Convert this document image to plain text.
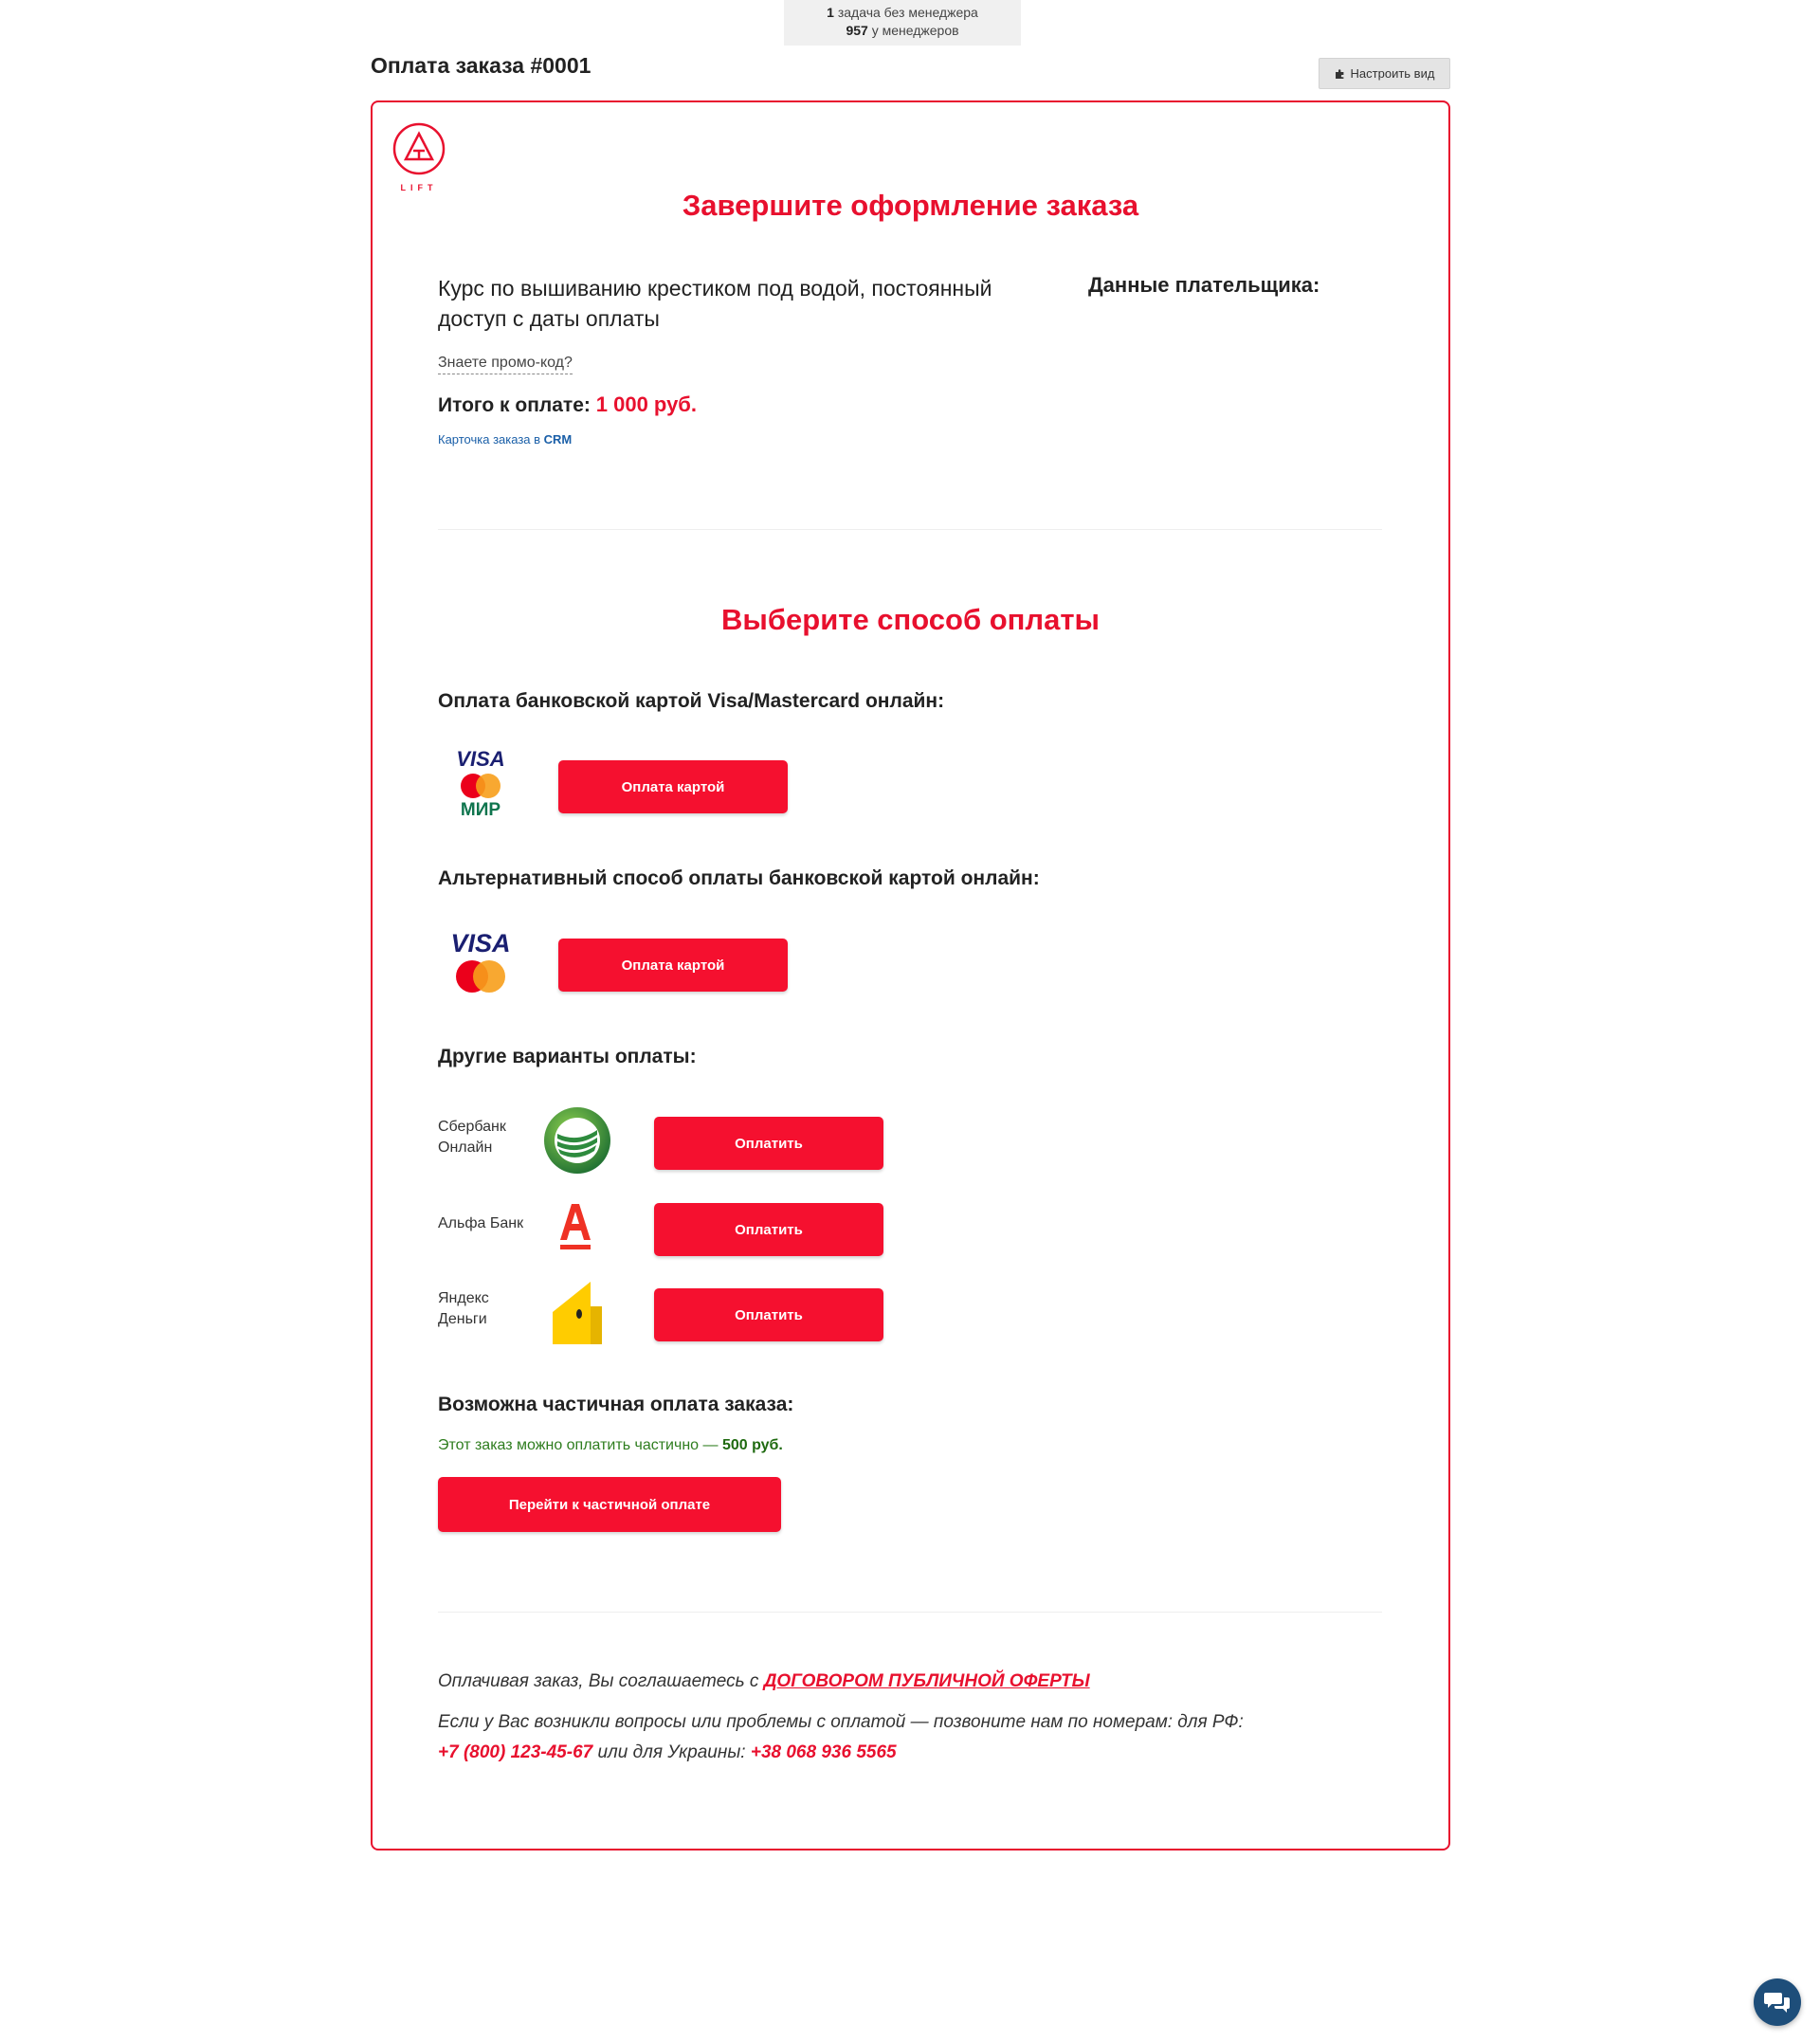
1 задача без менеджера
957 у менеджеров
Оплата заказа #0001	Настроить вид
LIFT
Завершите оформление заказа
Курс по вышиванию крестиком под водой, постоянный доступ с даты оплаты
Данные плательщика:
Знаете промо-код?
Итого к оплате: 1 000 руб.
Карточка заказа в CRM
Выберите способ оплаты
Оплата банковской картой Visa/Mastercard онлайн:
VISA
МИР
Оплата картой
Альтернативный способ оплаты банковской картой онлайн:
VISA
Оплата картой
Другие варианты оплаты:
Сбербанк
Онлайн	Оплатить
Альфа Банк	Оплатить
Яндекс
Деньги	Оплатить
Возможна частичная оплата заказа:
Этот заказ можно оплатить частично — 500 руб.
Перейти к частичной оплате
Оплачивая заказ, Вы соглашаетесь с ДОГОВОРОМ ПУБЛИЧНОЙ ОФЕРТЫ
Если у Вас возникли вопросы или проблемы с оплатой — позвоните нам по номерам: для РФ:
+7 (800) 123-45-67 или для Украины: +38 068 936 5565
